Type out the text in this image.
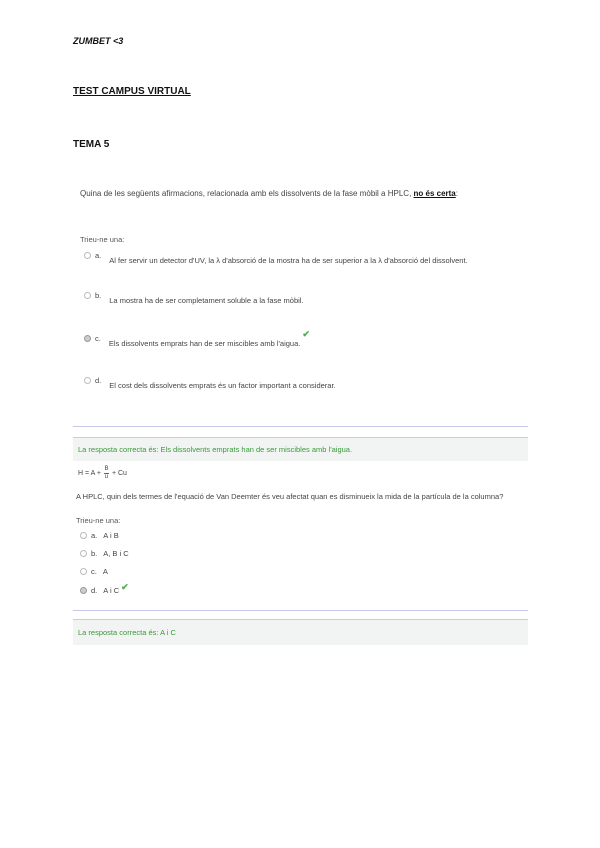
ZUMBET <3
TEST CAMPUS VIRTUAL
TEMA 5
Quina de les següents afirmacions, relacionada amb els dissolvents de la fase mòbil a HPLC, no és certa:
Trieu-ne una:
a.
Al fer servir un detector d'UV, la λ d'absorció de la mostra ha de ser superior a la λ d'absorció del dissolvent.
b.
La mostra ha de ser completament soluble a la fase mòbil.
c.
Els dissolvents emprats han de ser miscibles amb l'aigua.
✔
d.
El cost dels dissolvents emprats és un factor important a considerar.
La resposta correcta és: Els dissolvents emprats han de ser miscibles amb l'aigua.
$H = A + \frac{B}{u} + Cu$
A HPLC, quin dels termes de l'equació de Van Deemter és veu afectat quan es disminueix la mida de la partícula de la columna?
Trieu-ne una:
a. A i B
b. A, B i C
c. A
d. A i C ✔
La resposta correcta és: A i C
